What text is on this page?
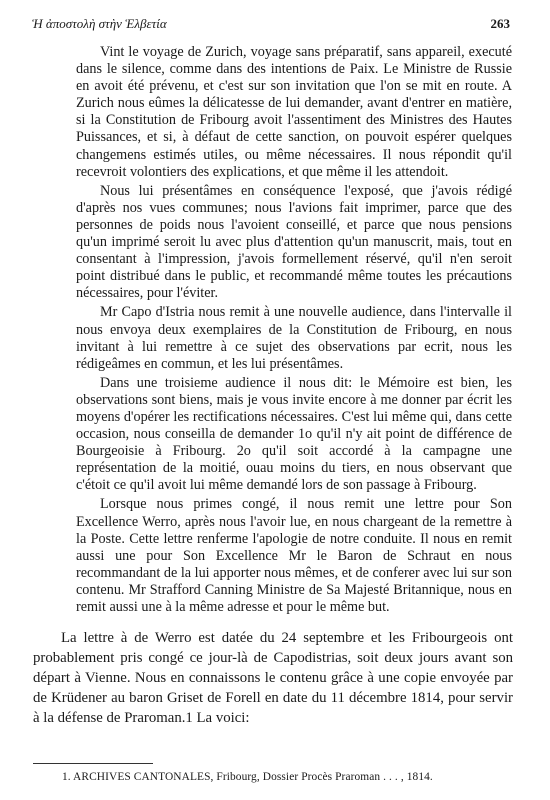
Ἡ ἀποστολὴ στὴν Ἑλβετία	263

Vint le voyage de Zurich, voyage sans préparatif, sans appareil, executé dans le silence, comme dans des intentions de Paix. Le Ministre de Russie en avoit été prévenu, et c'est sur son invitation que l'on se mit en route. A Zurich nous eûmes la délicatesse de lui demander, avant d'entrer en matière, si la Constitution de Fribourg avoit l'assentiment des Ministres des Hautes Puissances, et si, à défaut de cette sanction, on pouvoit espérer quelques changemens estimés utiles, ou même nécessaires. Il nous répondit qu'il recevroit volontiers des explications, et que même il les attendoit.

Nous lui présentâmes en conséquence l'exposé, que j'avois rédigé d'après nos vues communes; nous l'avions fait imprimer, parce que des personnes de poids nous l'avoient conseillé, et parce que nous pensions qu'un imprimé seroit lu avec plus d'attention qu'un manuscrit, mais, tout en consentant à l'impression, j'avois formellement réservé, qu'il n'en seroit point distribué dans le public, et recommandé même toutes les précautions nécessaires, pour l'éviter.

Mr Capo d'Istria nous remit à une nouvelle audience, dans l'intervalle il nous envoya deux exemplaires de la Constitution de Fribourg, en nous invitant à lui remettre à ce sujet des observations par ecrit, nous les rédigeâmes en commun, et les lui présentâmes.

Dans une troisieme audience il nous dit: le Mémoire est bien, les observations sont biens, mais je vous invite encore à me donner par écrit les moyens d'opérer les rectifications nécessaires. C'est lui même qui, dans cette occasion, nous conseilla de demander 1o qu'il n'y ait point de différence de Bourgeoisie à Fribourg. 2o qu'il soit accordé à la campagne une représentation de la moitié, ouau moins du tiers, en nous observant que c'étoit ce qu'il avoit lui même demandé lors de son passage à Fribourg.

Lorsque nous primes congé, il nous remit une lettre pour Son Excellence Werro, après nous l'avoir lue, en nous chargeant de la remettre à la Poste. Cette lettre renferme l'apologie de notre conduite. Il nous en remit aussi une pour Son Excellence Mr le Baron de Schraut en nous recommandant de la lui apporter nous mêmes, et de conferer avec lui sur son contenu. Mr Strafford Canning Ministre de Sa Majesté Britannique, nous en remit aussi une à la même adresse et pour le même but.

La lettre à de Werro est datée du 24 septembre et les Fribourgeois ont probablement pris congé ce jour-là de Capodistrias, soit deux jours avant son départ à Vienne. Nous en connaissons le contenu grâce à une copie envoyée par de Krüdener au baron Griset de Forell en date du 11 décembre 1814, pour servir à la défense de Praroman.1 La voici:

1. ARCHIVES CANTONALES, Fribourg, Dossier Procès Praroman . . . , 1814.
